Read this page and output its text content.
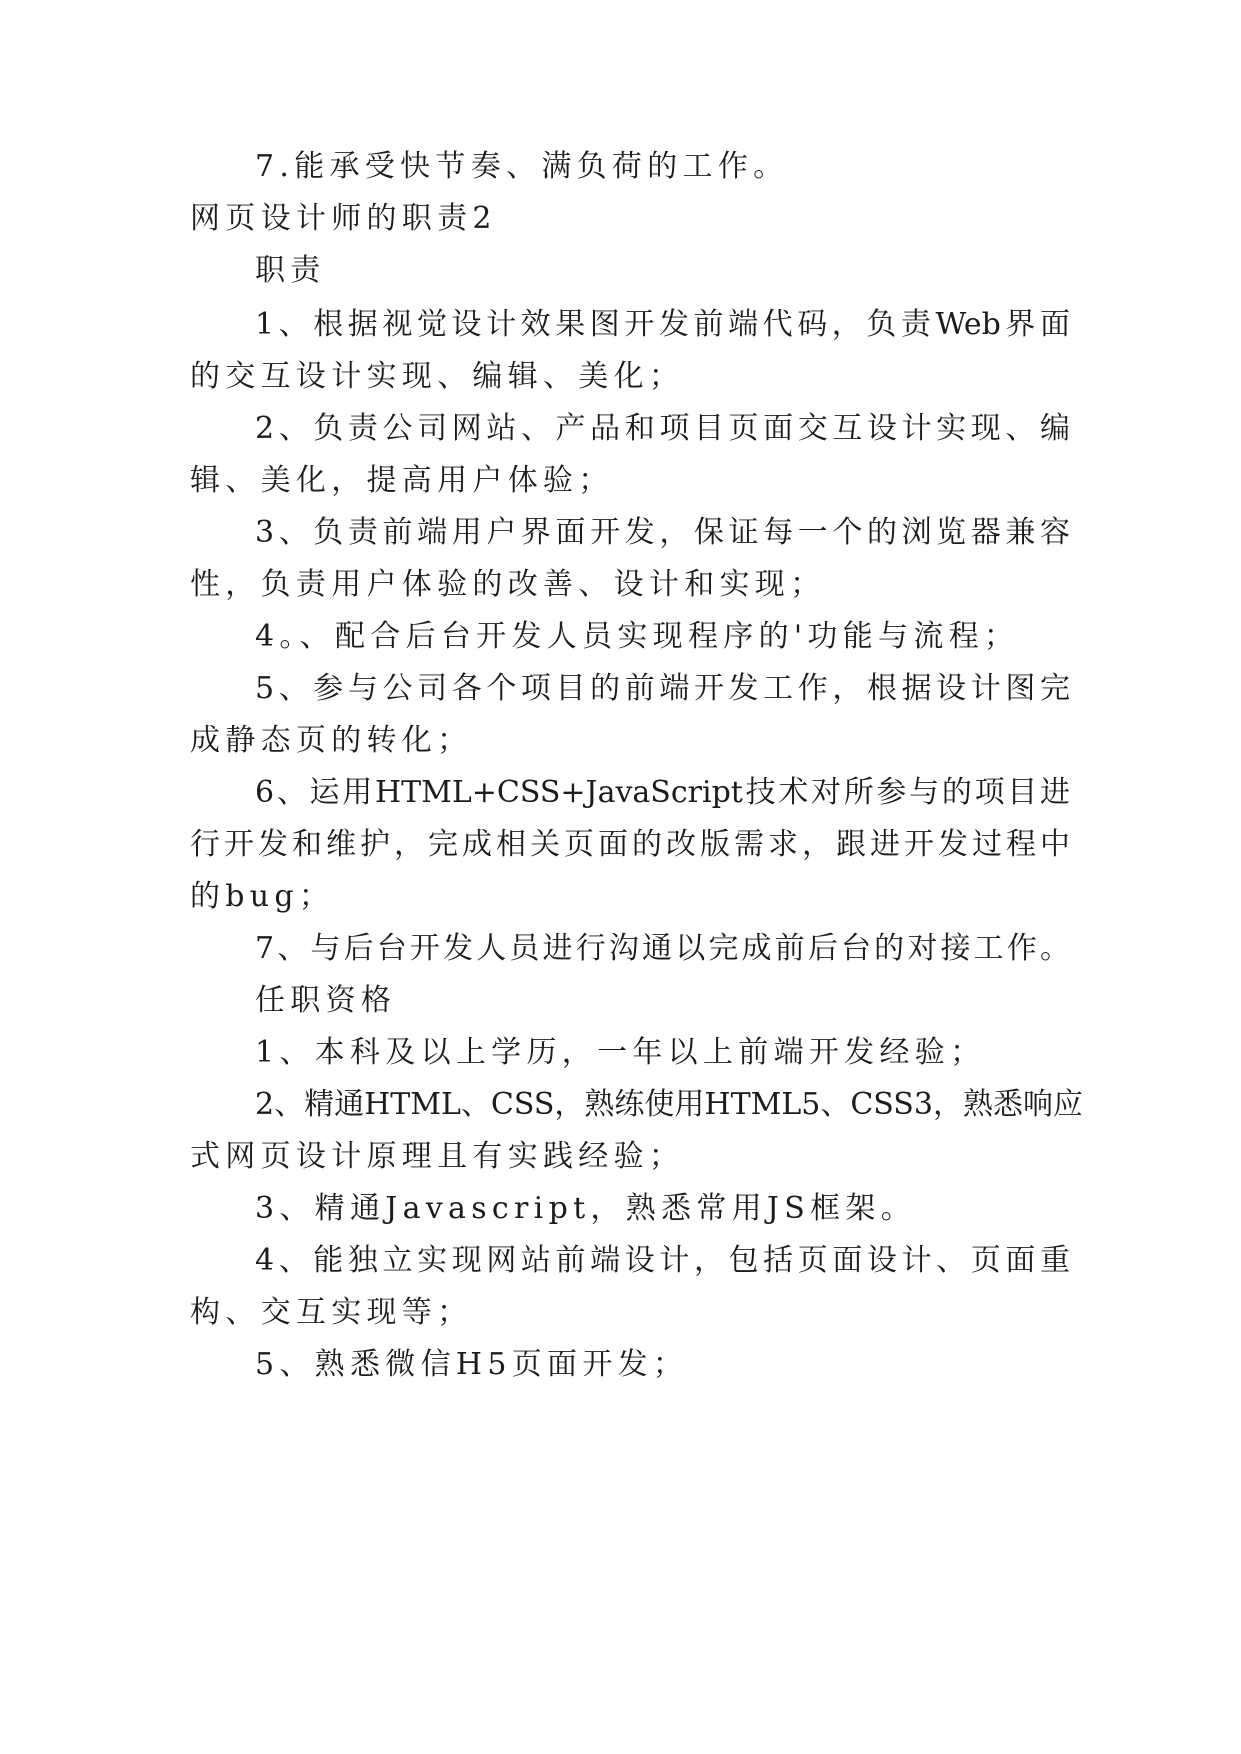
7.能承受快节奏、满负荷的工作。

网页设计师的职责2

职责

1、根据视觉设计效果图开发前端代码，负责Web界面

的交互设计实现、编辑、美化；

2、负责公司网站、产品和项目页面交互设计实现、编

辑、美化，提高用户体验；

3、负责前端用户界面开发，保证每一个的浏览器兼容

性，负责用户体验的改善、设计和实现；

4。、配合后台开发人员实现程序的'功能与流程；

5、参与公司各个项目的前端开发工作，根据设计图完

成静态页的转化；

6、运用HTML+CSS+JavaScript技术对所参与的项目进

行开发和维护，完成相关页面的改版需求，跟进开发过程中

的bug；

7、与后台开发人员进行沟通以完成前后台的对接工作。

任职资格

1、本科及以上学历，一年以上前端开发经验；

2、精通HTML、CSS，熟练使用HTML5、CSS3，熟悉响应

式网页设计原理且有实践经验；

3、精通Javascript，熟悉常用JS框架。

4、能独立实现网站前端设计，包括页面设计、页面重

构、交互实现等；

5、熟悉微信H5页面开发；
